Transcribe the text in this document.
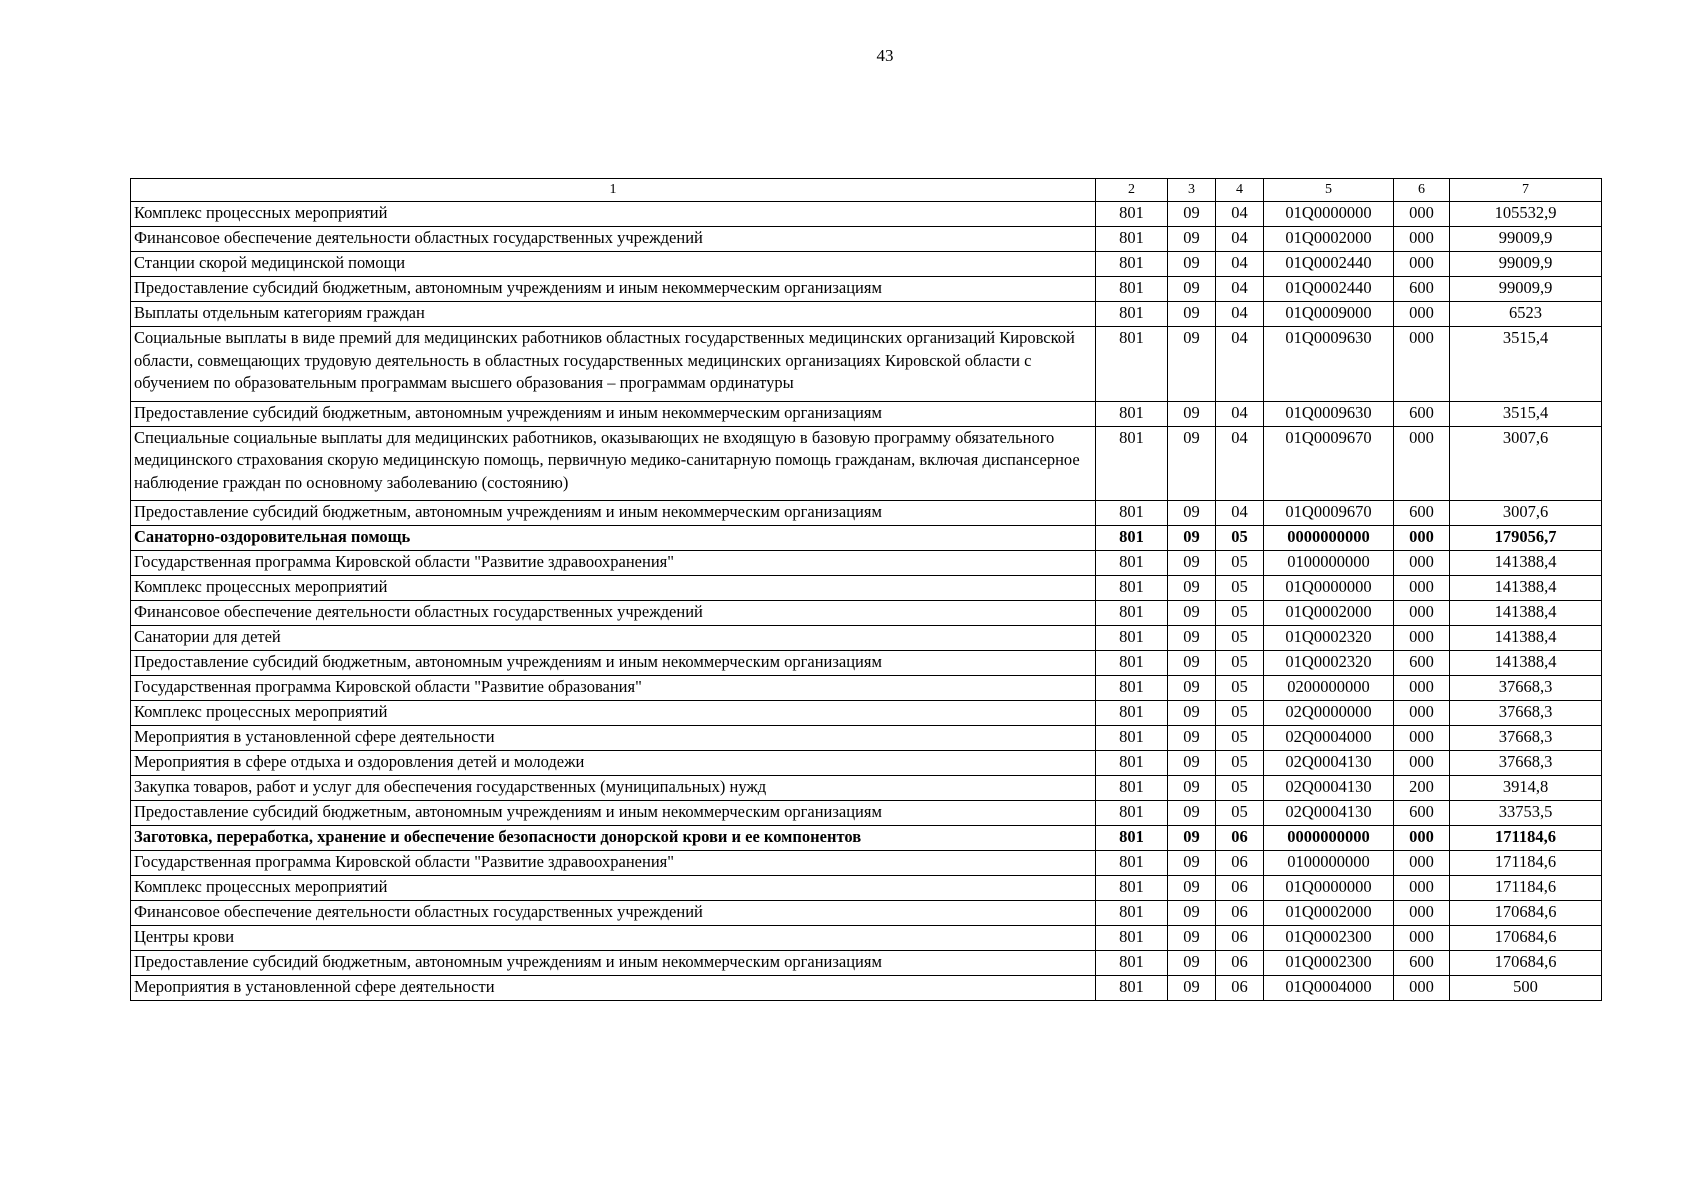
43
1	2	3	4	5	6	7
Комплекс процессных мероприятий	801	09	04	01Q0000000	000	105532,9
Финансовое обеспечение деятельности областных государственных учреждений	801	09	04	01Q0002000	000	99009,9
Станции скорой медицинской помощи	801	09	04	01Q0002440	000	99009,9
Предоставление субсидий бюджетным, автономным учреждениям и иным некоммерческим организациям	801	09	04	01Q0002440	600	99009,9
Выплаты отдельным категориям граждан	801	09	04	01Q0009000	000	6523
Социальные выплаты в виде премий для медицинских работников областных государственных медицинских организаций Кировской области, совмещающих трудовую деятельность в областных государственных медицинских организациях Кировской области с обучением по образовательным программам высшего образования – программам ординатуры	801	09	04	01Q0009630	000	3515,4
Предоставление субсидий бюджетным, автономным учреждениям и иным некоммерческим организациям	801	09	04	01Q0009630	600	3515,4
Специальные социальные выплаты для медицинских работников, оказывающих не входящую в базовую программу обязательного медицинского страхования скорую медицинскую помощь, первичную медико-санитарную помощь гражданам, включая диспансерное наблюдение граждан по основному заболеванию (состоянию)	801	09	04	01Q0009670	000	3007,6
Предоставление субсидий бюджетным, автономным учреждениям и иным некоммерческим организациям	801	09	04	01Q0009670	600	3007,6
Санаторно-оздоровительная помощь	801	09	05	0000000000	000	179056,7
Государственная программа Кировской области "Развитие здравоохранения"	801	09	05	0100000000	000	141388,4
Комплекс процессных мероприятий	801	09	05	01Q0000000	000	141388,4
Финансовое обеспечение деятельности областных государственных учреждений	801	09	05	01Q0002000	000	141388,4
Санатории для детей	801	09	05	01Q0002320	000	141388,4
Предоставление субсидий бюджетным, автономным учреждениям и иным некоммерческим организациям	801	09	05	01Q0002320	600	141388,4
Государственная программа Кировской области "Развитие образования"	801	09	05	0200000000	000	37668,3
Комплекс процессных мероприятий	801	09	05	02Q0000000	000	37668,3
Мероприятия в установленной сфере деятельности	801	09	05	02Q0004000	000	37668,3
Мероприятия в сфере отдыха и оздоровления детей и молодежи	801	09	05	02Q0004130	000	37668,3
Закупка товаров, работ и услуг для обеспечения государственных (муниципальных) нужд	801	09	05	02Q0004130	200	3914,8
Предоставление субсидий бюджетным, автономным учреждениям и иным некоммерческим организациям	801	09	05	02Q0004130	600	33753,5
Заготовка, переработка, хранение и обеспечение безопасности донорской крови и ее компонентов	801	09	06	0000000000	000	171184,6
Государственная программа Кировской области "Развитие здравоохранения"	801	09	06	0100000000	000	171184,6
Комплекс процессных мероприятий	801	09	06	01Q0000000	000	171184,6
Финансовое обеспечение деятельности областных государственных учреждений	801	09	06	01Q0002000	000	170684,6
Центры крови	801	09	06	01Q0002300	000	170684,6
Предоставление субсидий бюджетным, автономным учреждениям и иным некоммерческим организациям	801	09	06	01Q0002300	600	170684,6
Мероприятия в установленной сфере деятельности	801	09	06	01Q0004000	000	500
